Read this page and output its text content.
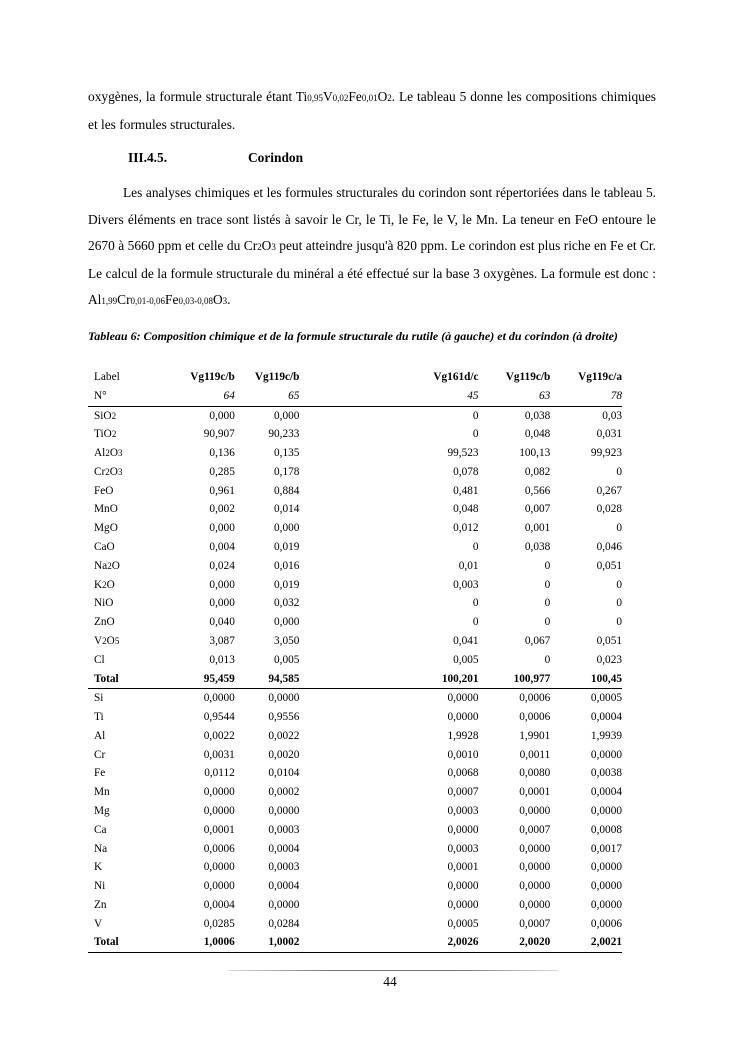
oxygènes, la formule structurale étant Ti0,95V0,02Fe0,01O2. Le tableau 5 donne les compositions chimiques et les formules structurales.

III.4.5.	Corindon

Les analyses chimiques et les formules structurales du corindon sont répertoriées dans le tableau 5. Divers éléments en trace sont listés à savoir le Cr, le Ti, le Fe, le V, le Mn. La teneur en FeO entoure le 2670 à 5660 ppm et celle du Cr2O3 peut atteindre jusqu'à 820 ppm. Le corindon est plus riche en Fe et Cr. Le calcul de la formule structurale du minéral a été effectué sur la base 3 oxygènes. La formule est donc : Al1,99Cr0,01-0,06Fe0,03-0,08O3.

Tableau 6: Composition chimique et de la formule structurale du rutile (à gauche) et du corindon (à droite)
Label	Vg119c/b	Vg119c/b		Vg161d/c	Vg119c/b	Vg119c/a
N°	64	65		45	63	78
SiO2	0,000	0,000		0	0,038	0,03
TiO2	90,907	90,233		0	0,048	0,031
Al2O3	0,136	0,135		99,523	100,13	99,923
Cr2O3	0,285	0,178		0,078	0,082	0
FeO	0,961	0,884		0,481	0,566	0,267
MnO	0,002	0,014		0,048	0,007	0,028
MgO	0,000	0,000		0,012	0,001	0
CaO	0,004	0,019		0	0,038	0,046
Na2O	0,024	0,016		0,01	0	0,051
K2O	0,000	0,019		0,003	0	0
NiO	0,000	0,032		0	0	0
ZnO	0,040	0,000		0	0	0
V2O5	3,087	3,050		0,041	0,067	0,051
Cl	0,013	0,005		0,005	0	0,023
Total	95,459	94,585		100,201	100,977	100,45
Si	0,0000	0,0000		0,0000	0,0006	0,0005
Ti	0,9544	0,9556		0,0000	0,0006	0,0004
Al	0,0022	0,0022		1,9928	1,9901	1,9939
Cr	0,0031	0,0020		0,0010	0,0011	0,0000
Fe	0,0112	0,0104		0,0068	0,0080	0,0038
Mn	0,0000	0,0002		0,0007	0,0001	0,0004
Mg	0,0000	0,0000		0,0003	0,0000	0,0000
Ca	0,0001	0,0003		0,0000	0,0007	0,0008
Na	0,0006	0,0004		0,0003	0,0000	0,0017
K	0,0000	0,0003		0,0001	0,0000	0,0000
Ni	0,0000	0,0004		0,0000	0,0000	0,0000
Zn	0,0004	0,0000		0,0000	0,0000	0,0000
V	0,0285	0,0284		0,0005	0,0007	0,0006
Total	1,0006	1,0002		2,0026	2,0020	2,0021
44
